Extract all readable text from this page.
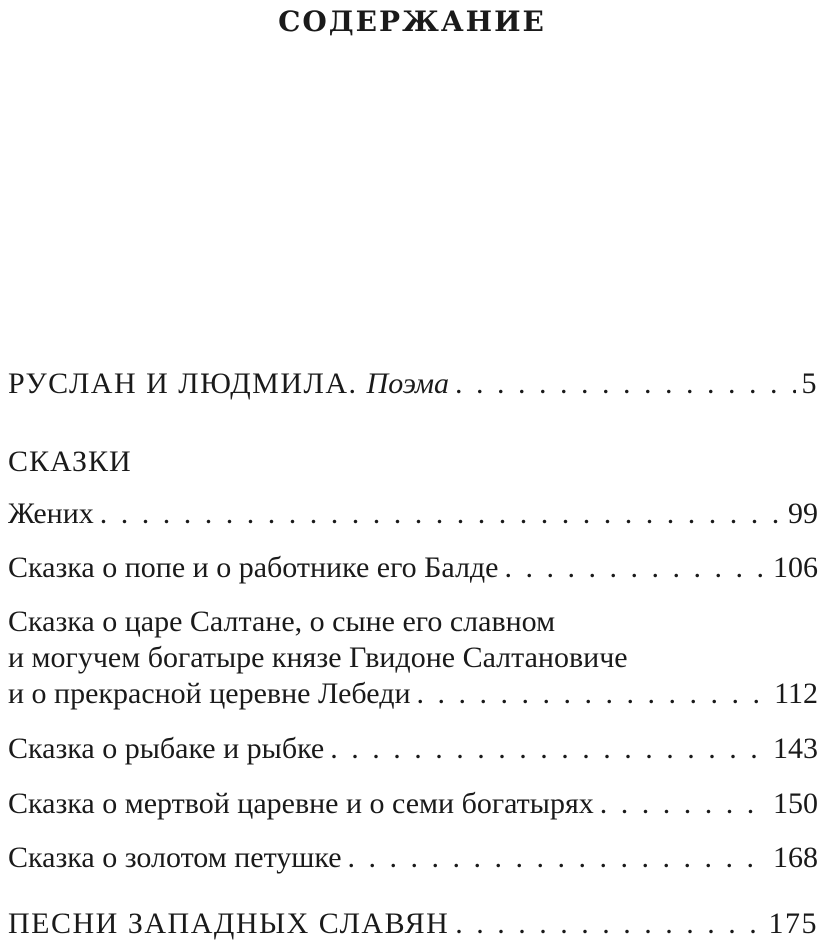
СОДЕРЖАНИЕ
РУСЛАН И ЛЮДМИЛА. Поэма . . .	5
СКАЗКИ
Жених . . .	99
Сказка о попе и о работнике его Балде . . .	106
Сказка о царе Салтане, о сыне его славном
и могучем богатыре князе Гвидоне Салтановиче
и о прекрасной церевне Лебеди . . .	112
Сказка о рыбаке и рыбке . . .	143
Сказка о мертвой царевне и о семи богатырях . . .	150
Сказка о золотом петушке . . .	168
ПЕСНИ ЗАПАДНЫХ СЛАВЯН . . .	175
